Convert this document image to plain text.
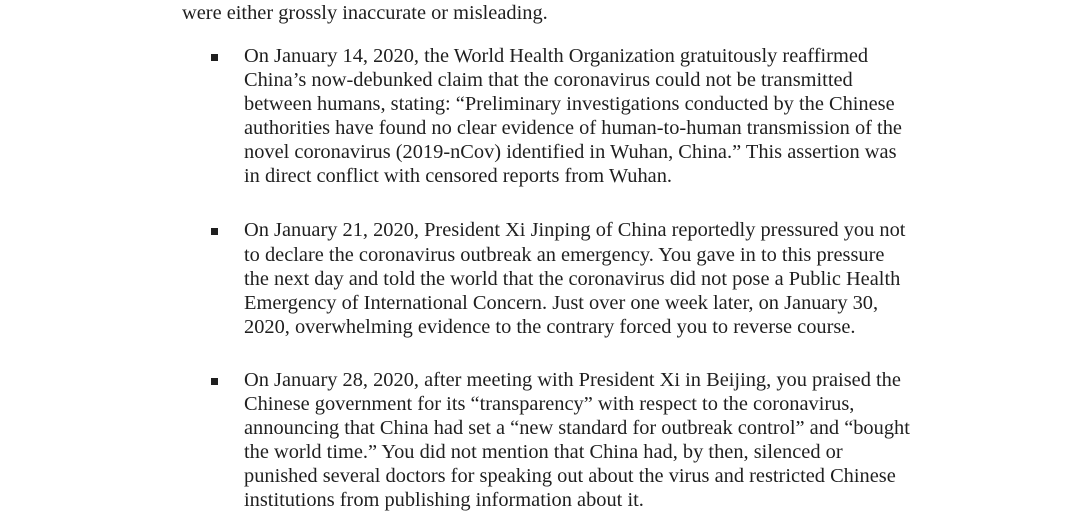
were either grossly inaccurate or misleading.
On January 14, 2020, the World Health Organization gratuitously reaffirmed
China’s now-debunked claim that the coronavirus could not be transmitted
between humans, stating: “Preliminary investigations conducted by the Chinese
authorities have found no clear evidence of human-to-human transmission of the
novel coronavirus (2019-nCov) identified in Wuhan, China.” This assertion was
in direct conflict with censored reports from Wuhan.
On January 21, 2020, President Xi Jinping of China reportedly pressured you not
to declare the coronavirus outbreak an emergency. You gave in to this pressure
the next day and told the world that the coronavirus did not pose a Public Health
Emergency of International Concern. Just over one week later, on January 30,
2020, overwhelming evidence to the contrary forced you to reverse course.
On January 28, 2020, after meeting with President Xi in Beijing, you praised the
Chinese government for its “transparency” with respect to the coronavirus,
announcing that China had set a “new standard for outbreak control” and “bought
the world time.” You did not mention that China had, by then, silenced or
punished several doctors for speaking out about the virus and restricted Chinese
institutions from publishing information about it.
